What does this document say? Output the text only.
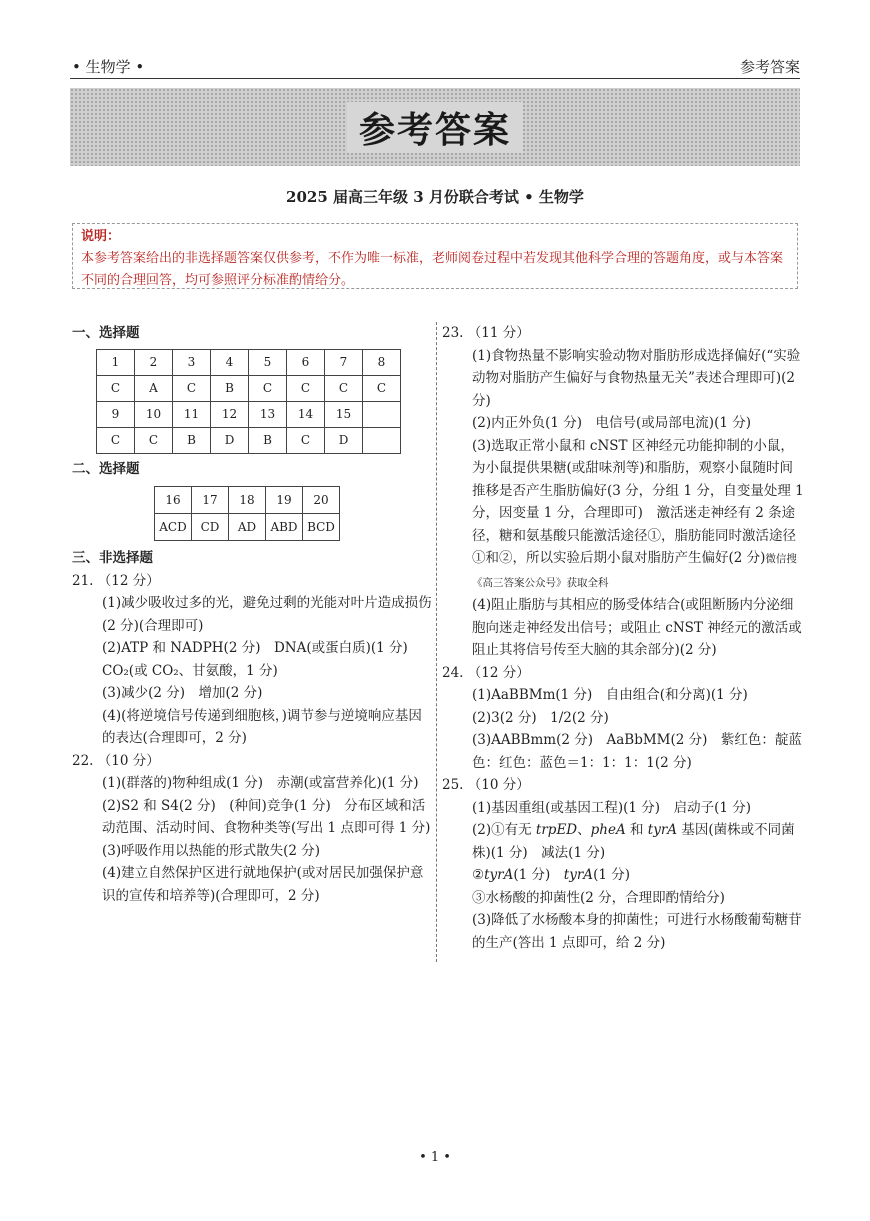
• 生物学 •	参考答案
参考答案
2025 届高三年级 3 月份联合考试 • 生物学
说明：
本参考答案给出的非选择题答案仅供参考，不作为唯一标准，老师阅卷过程中若发现其他科学合理的答题角度，或与本答案不同的合理回答，均可参照评分标准酌情给分。
一、选择题
1	2	3	4	5	6	7	8
C	A	C	B	C	C	C	C
9	10	11	12	13	14	15	
C	C	B	D	B	C	D	
二、选择题
16	17	18	19	20
ACD	CD	AD	ABD	BCD
三、非选择题
21. （12 分）
(1)减少吸收过多的光，避免过剩的光能对叶片造成损伤(2 分)(合理即可)
(2)ATP 和 NADPH(2 分)　DNA(或蛋白质)(1 分)　CO₂(或 CO₂、甘氨酸，1 分)
(3)减少(2 分)　增加(2 分)
(4)(将逆境信号传递到细胞核，)调节参与逆境响应基因的表达(合理即可，2 分)
22. （10 分）
(1)(群落的)物种组成(1 分)　赤潮(或富营养化)(1 分)
(2)S2 和 S4(2 分)　(种间)竞争(1 分)　分布区域和活动范围、活动时间、食物种类等(写出 1 点即可得 1 分)
(3)呼吸作用以热能的形式散失(2 分)
(4)建立自然保护区进行就地保护(或对居民加强保护意识的宣传和培养等)(合理即可，2 分)
23. （11 分）
(1)食物热量不影响实验动物对脂肪形成选择偏好(“实验动物对脂肪产生偏好与食物热量无关”表述合理即可)(2 分)
(2)内正外负(1 分)　电信号(或局部电流)(1 分)
(3)选取正常小鼠和 cNST 区神经元功能抑制的小鼠，为小鼠提供果糖(或甜味剂等)和脂肪，观察小鼠随时间推移是否产生脂肪偏好(3 分，分组 1 分，自变量处理 1 分，因变量 1 分，合理即可)　激活迷走神经有 2 条途径，糖和氨基酸只能激活途径①，脂肪能同时激活途径①和②，所以实验后期小鼠对脂肪产生偏好(2 分)微信搜《高三答案公众号》获取全科
(4)阻止脂肪与其相应的肠受体结合(或阻断肠内分泌细胞向迷走神经发出信号；或阻止 cNST 神经元的激活或阻止其将信号传至大脑的其余部分)(2 分)
24. （12 分）
(1)AaBBMm(1 分)　自由组合(和分离)(1 分)
(2)3(2 分)　1/2(2 分)
(3)AABBmm(2 分)　AaBbMM(2 分)　紫红色：靛蓝色：红色：蓝色＝1：1：1：1(2 分)
25. （10 分）
(1)基因重组(或基因工程)(1 分)　启动子(1 分)
(2)①有无 trpED、pheA 和 tyrA 基因(菌株或不同菌株)(1 分)　减法(1 分)
②tyrA(1 分)　tyrA(1 分)
③水杨酸的抑菌性(2 分，合理即酌情给分)
(3)降低了水杨酸本身的抑菌性；可进行水杨酸葡萄糖苷的生产(答出 1 点即可，给 2 分)
• 1 •
